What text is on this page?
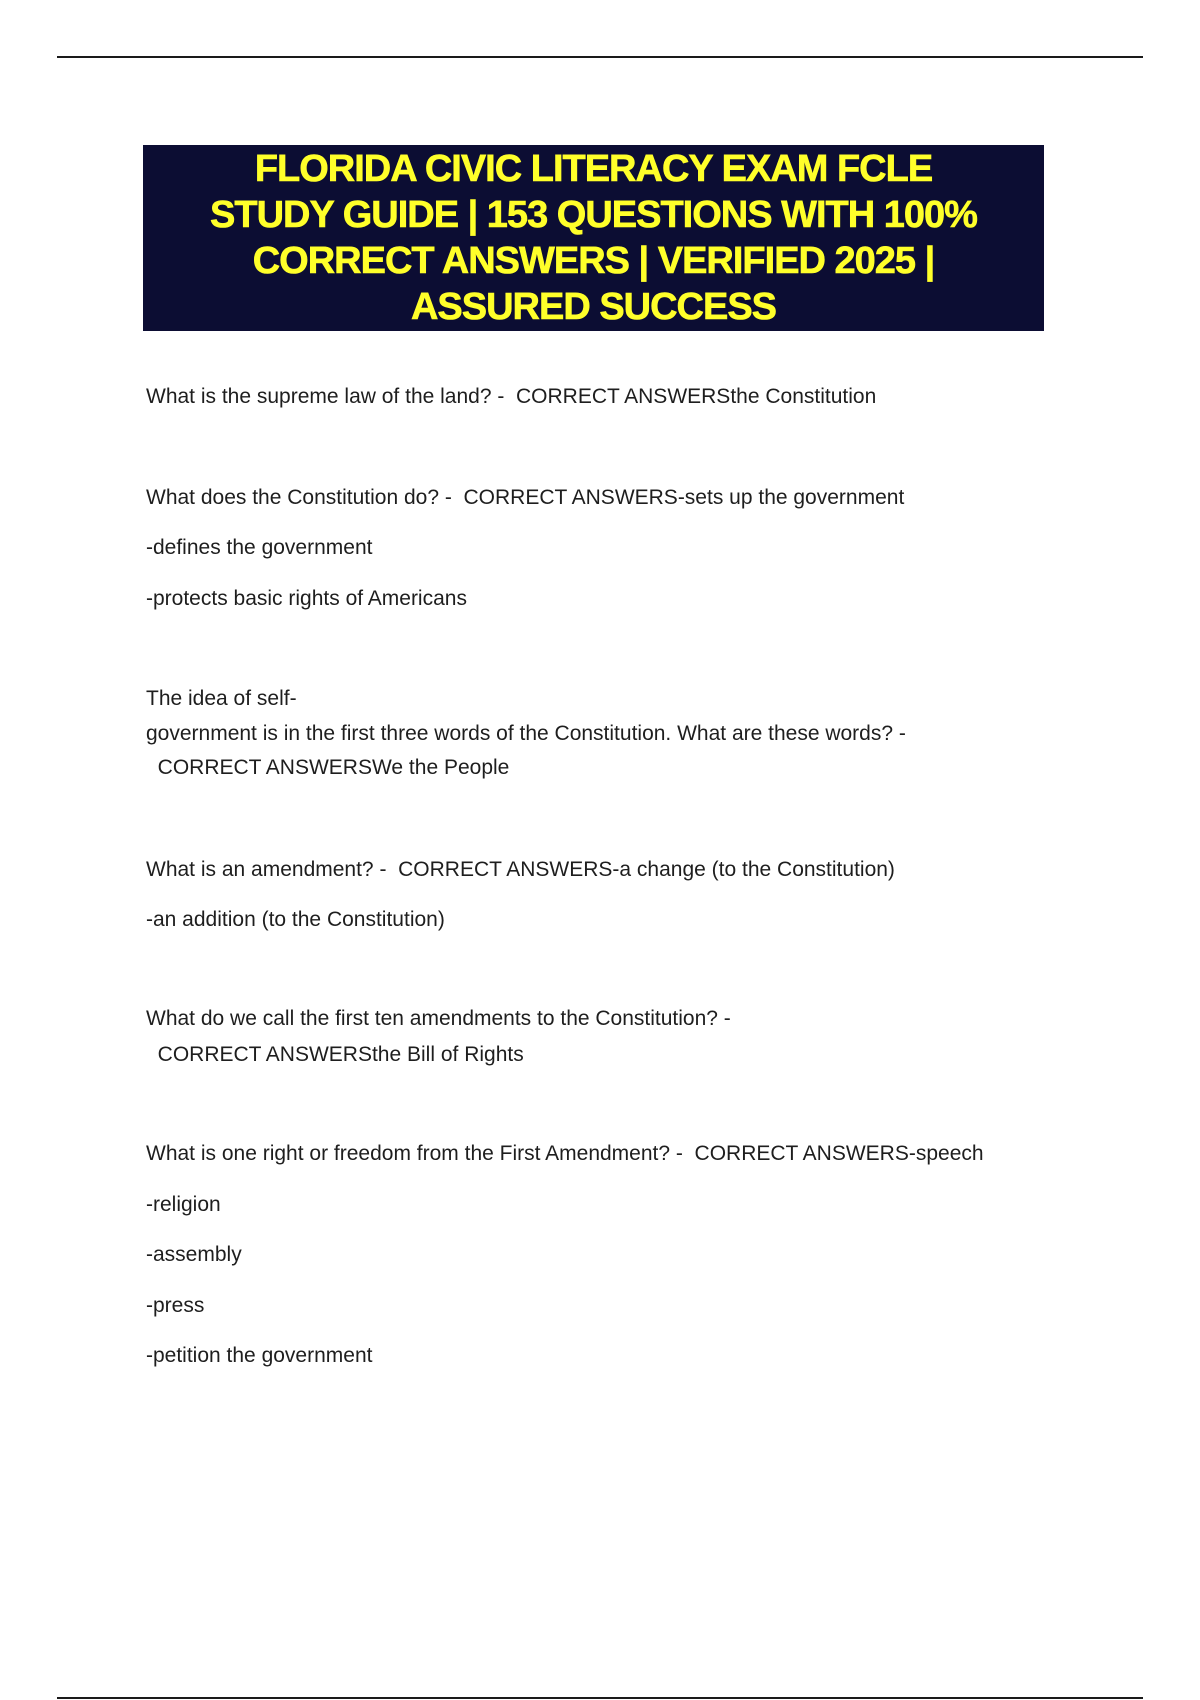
FLORIDA CIVIC LITERACY EXAM FCLE
STUDY GUIDE | 153 QUESTIONS WITH 100%
CORRECT ANSWERS | VERIFIED 2025 |
ASSURED SUCCESS
What is the supreme law of the land? -  CORRECT ANSWERSthe Constitution
What does the Constitution do? -  CORRECT ANSWERS-sets up the government
-defines the government
-protects basic rights of Americans
The idea of self-
government is in the first three words of the Constitution. What are these words? -
CORRECT ANSWERSWe the People
What is an amendment? -  CORRECT ANSWERS-a change (to the Constitution)
-an addition (to the Constitution)
What do we call the first ten amendments to the Constitution? -
CORRECT ANSWERSthe Bill of Rights
What is one right or freedom from the First Amendment? -  CORRECT ANSWERS-speech
-religion
-assembly
-press
-petition the government
